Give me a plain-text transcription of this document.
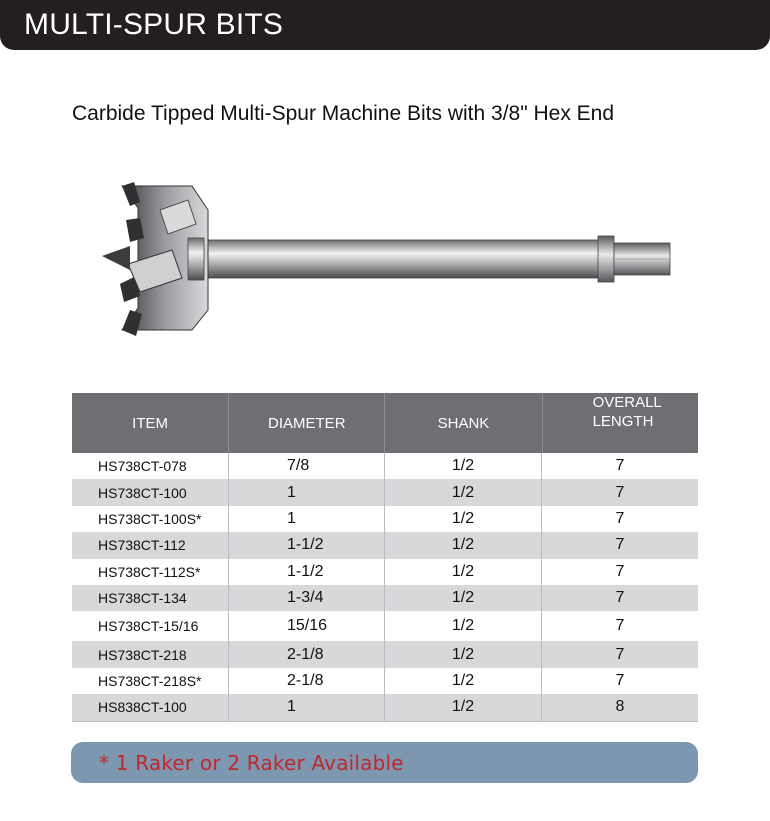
MULTI-SPUR BITS
Carbide Tipped Multi-Spur Machine Bits with 3/8" Hex End
ITEM	DIAMETER	SHANK
OVERALL
LENGTH
HS738CT-078	7/8	1/2	7
HS738CT-100	1	1/2	7
HS738CT-100S*	1	1/2	7
HS738CT-112	1-1/2	1/2	7
HS738CT-112S*	1-1/2	1/2	7
HS738CT-134	1-3/4	1/2	7
HS738CT-15/16	15/16	1/2	7
HS738CT-218	2-1/8	1/2	7
HS738CT-218S*	2-1/8	1/2	7
HS838CT-100	1	1/2	8
* 1 Raker or 2 Raker Available
